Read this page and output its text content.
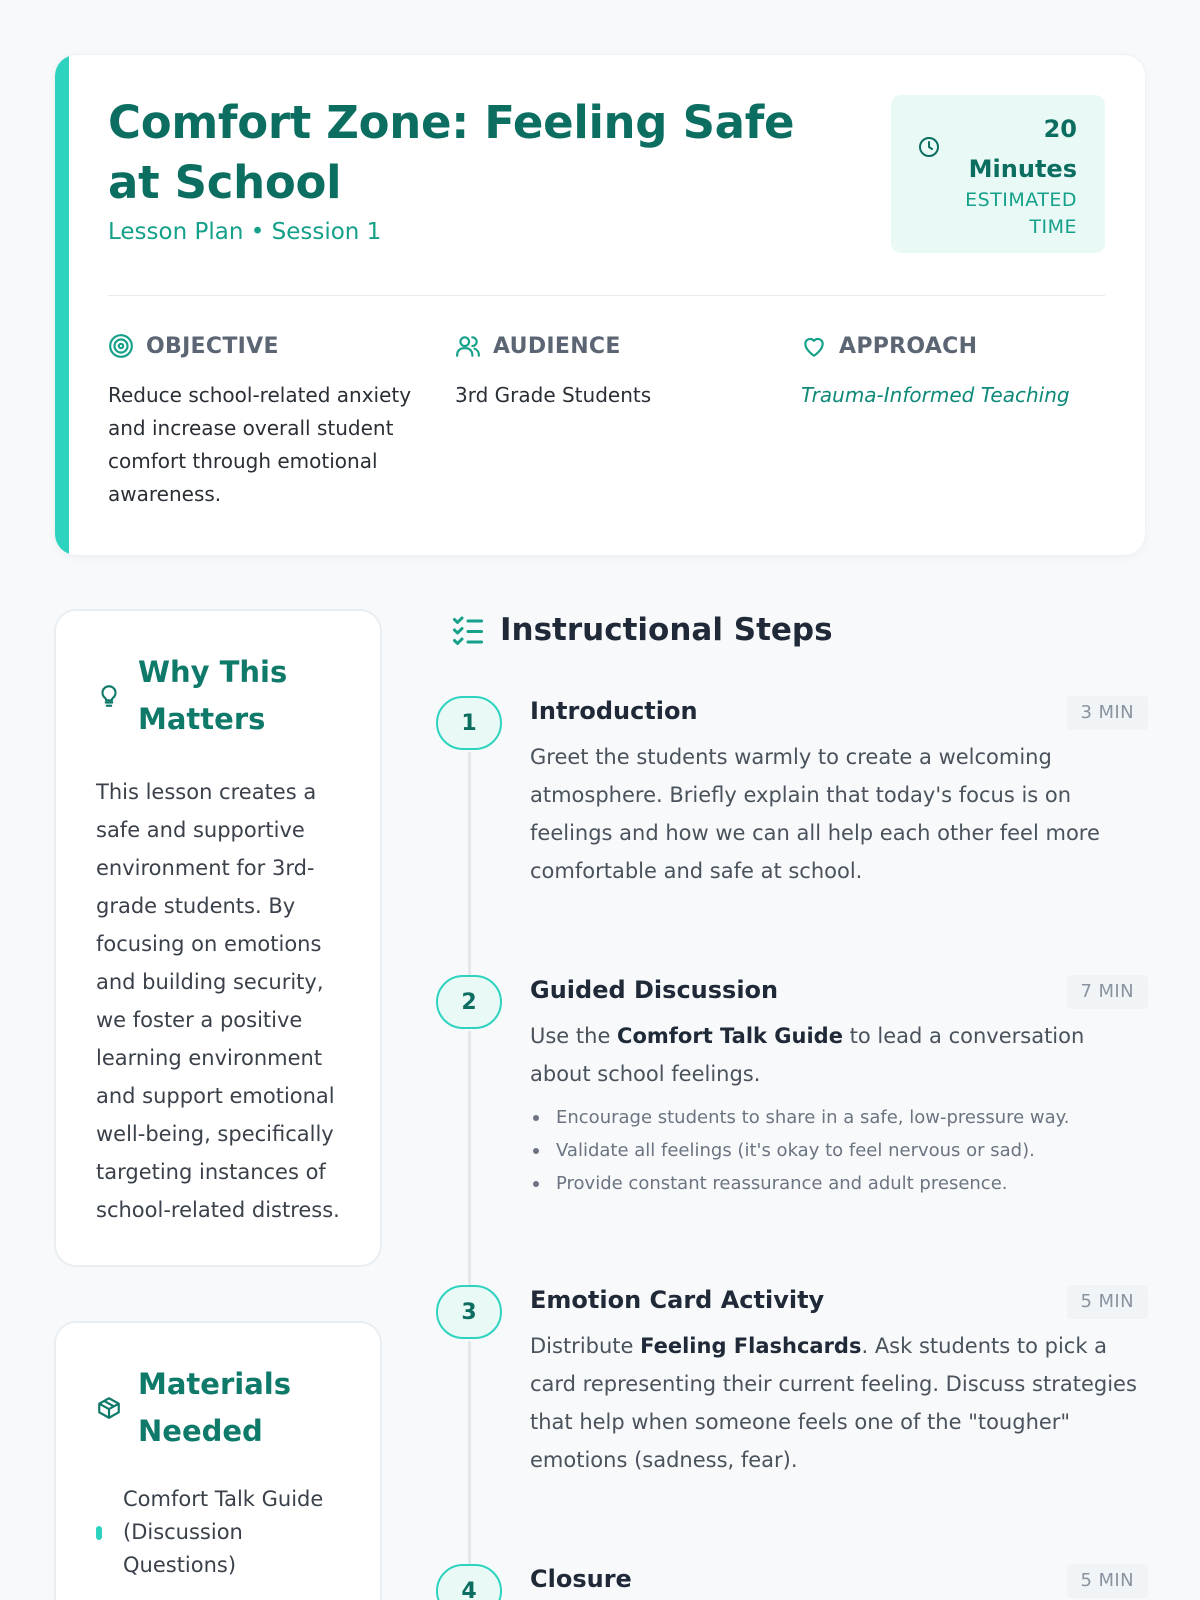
Comfort Zone: Feeling Safe at School
Lesson Plan • Session 1
20 Minutes
ESTIMATED TIME
OBJECTIVE
Reduce school-related anxiety and increase overall student comfort through emotional awareness.
AUDIENCE
3rd Grade Students
APPROACH
Trauma-Informed Teaching
Why This Matters

This lesson creates a safe and supportive environment for 3rd-grade students. By focusing on emotions and building security, we foster a positive learning environment and support emotional well-being, specifically targeting instances of school-related distress.

Materials Needed
Comfort Talk Guide (Discussion Questions)
Instructional Steps
1	Introduction	3 MIN

Greet the students warmly to create a welcoming atmosphere. Briefly explain that today's focus is on feelings and how we can all help each other feel more comfortable and safe at school.

2	Guided Discussion	7 MIN

Use the Comfort Talk Guide to lead a conversation about school feelings.

Encourage students to share in a safe, low-pressure way.
Validate all feelings (it's okay to feel nervous or sad).
Provide constant reassurance and adult presence.
3	Emotion Card Activity	5 MIN

Distribute Feeling Flashcards. Ask students to pick a card representing their current feeling. Discuss strategies that help when someone feels one of the "tougher" emotions (sadness, fear).

4	Closure	5 MIN
